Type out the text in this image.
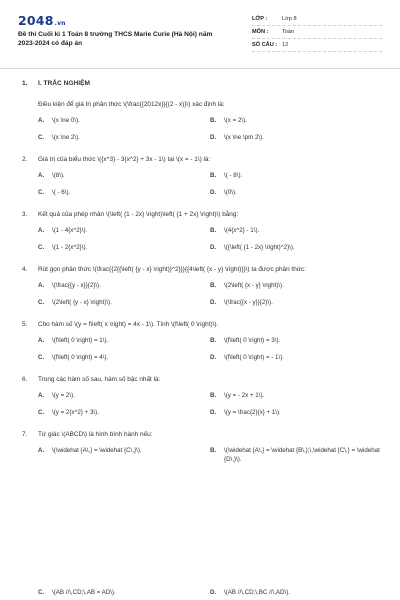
2048.vn
Đề thi Cuối kì 1 Toán 8 trường THCS Marie Curie (Hà Nội) năm 2023-2024 có đáp án
LỚP :	Lớp 8
MÔN :	Toán
SỐ CÂU : 12
1.	I. TRẮC NGHIỆM
Điều kiện để giá trị phân thức \(\frac{{2012x}}{(2 - x)}\) xác định là:
A.	\(x \ne 0\).	B.	\(x = 2\).
C.	\(x \ne 2\).	D.	\(x \ne \pm 2\).
2.	Giá trị của biểu thức \({x^3} - 3{x^2} + 3x - 1\) tại \(x = - 1\) là:
A.	\(8\).	B.	\( - 8\).
C.	\( - 6\).	D.	\(0\).
3.	Kết quả của phép nhân \(\left( {1 - 2x} \right)\left( {1 + 2x} \right)\) bằng:
A.	\(1 - 4{x^2}\).	B.	\(4{x^2} - 1\).
C.	\(1 - 2{x^2}\).	D.	\({\left( {1 - 2x} \right)^2}\).
4.	Rút gọn phân thức \(\frac{{2{{\left( {y - x} \right)}^2}}}{{4\left( {x - y} \right)}}\) ta được phân thức:
A.	\(\frac{{y - x}}{2}\).	B.	\(2\left( {x - y} \right)\).
C.	\(2\left( {y - x} \right)\).	D.	\(\frac{{x - y}}{2}\).
5.	Cho hàm số \(y = f\left( x \right) = 4x - 1\). Tính \(f\left( 0 \right)\).
A.	\(f\left( 0 \right) = 1\).	B.	\(f\left( 0 \right) = 3\).
C.	\(f\left( 0 \right) = 4\).	D.	\(f\left( 0 \right) = - 1\).
6.	Trong các hàm số sau, hàm số bậc nhất là:
A.	\(y = 2\).	B.	\(y = - 2x + 1\).
C.	\(y = 2{x^2} + 3\).	D.	\(y = \frac{2}{x} + 1\).
7.	Tứ giác \(ABCD\) là hình bình hành nếu:
A.	\(\widehat {A\,} = \widehat {C\,}\).	B.	\(\widehat {A\,} = \widehat {B\,};\,\widehat {C\,} = \widehat {D\,}\).
C.	\(AB //\,CD;\,AB = AD\).	D.	\(AB //\,CD;\,BC //\,AD\).
